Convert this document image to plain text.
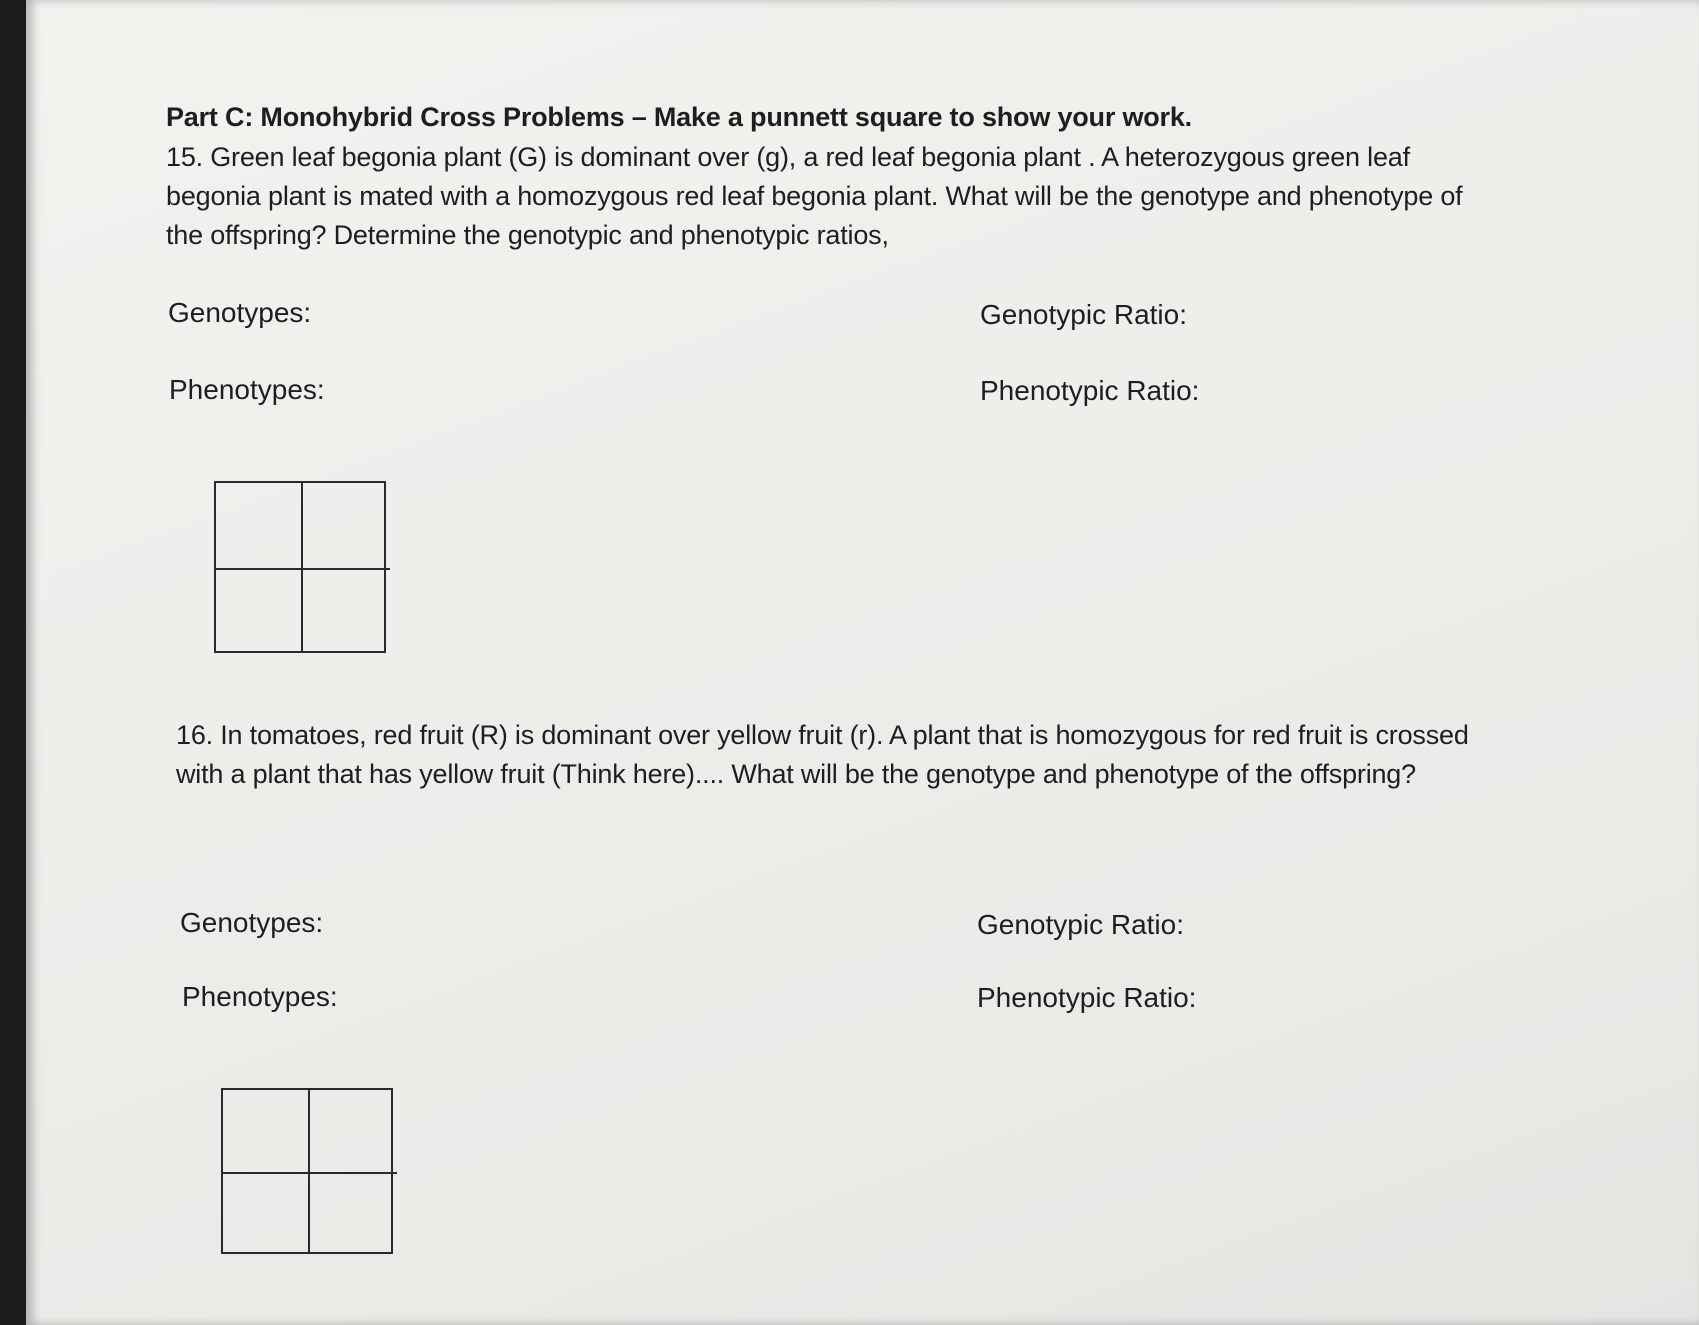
Part C: Monohybrid Cross Problems – Make a punnett square to show your work.
15. Green leaf begonia plant (G) is dominant over (g), a red leaf begonia plant . A heterozygous green leaf
begonia plant is mated with a homozygous red leaf begonia plant. What will be the genotype and phenotype of
the offspring? Determine the genotypic and phenotypic ratios,
Genotypes:	Genotypic Ratio:
Phenotypes:	Phenotypic Ratio:
16. In tomatoes, red fruit (R) is dominant over yellow fruit (r). A plant that is homozygous for red fruit is crossed
with a plant that has yellow fruit (Think here).... What will be the genotype and phenotype of the offspring?
Genotypes:	Genotypic Ratio:
Phenotypes:	Phenotypic Ratio:
